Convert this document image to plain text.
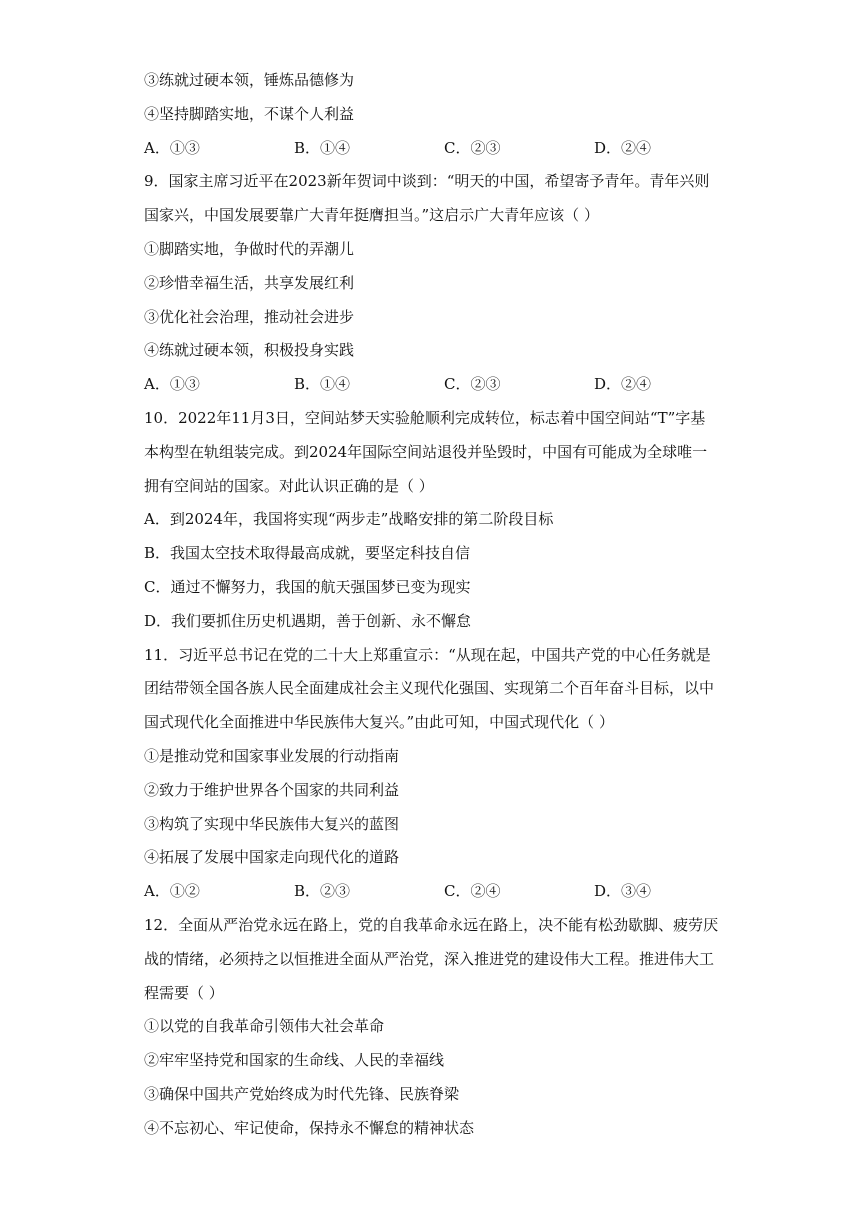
③练就过硬本领，锤炼品德修为
④坚持脚踏实地，不谋个人利益
A．①③	B．①④	C．②③	D．②④
9．国家主席习近平在2023新年贺词中谈到：“明天的中国，希望寄予青年。青年兴则
国家兴，中国发展要靠广大青年挺膺担当。”这启示广大青年应该（ ）
①脚踏实地，争做时代的弄潮儿
②珍惜幸福生活，共享发展红利
③优化社会治理，推动社会进步
④练就过硬本领，积极投身实践
A．①③	B．①④	C．②③	D．②④
10．2022年11月3日，空间站梦天实验舱顺利完成转位，标志着中国空间站“T”字基
本构型在轨组装完成。到2024年国际空间站退役并坠毁时，中国有可能成为全球唯一
拥有空间站的国家。对此认识正确的是（ ）
A．到2024年，我国将实现“两步走”战略安排的第二阶段目标
B．我国太空技术取得最高成就，要坚定科技自信
C．通过不懈努力，我国的航天强国梦已变为现实
D．我们要抓住历史机遇期，善于创新、永不懈怠
11．习近平总书记在党的二十大上郑重宣示：“从现在起，中国共产党的中心任务就是
团结带领全国各族人民全面建成社会主义现代化强国、实现第二个百年奋斗目标，以中
国式现代化全面推进中华民族伟大复兴。”由此可知，中国式现代化（ ）
①是推动党和国家事业发展的行动指南
②致力于维护世界各个国家的共同利益
③构筑了实现中华民族伟大复兴的蓝图
④拓展了发展中国家走向现代化的道路
A．①②	B．②③	C．②④	D．③④
12．全面从严治党永远在路上，党的自我革命永远在路上，决不能有松劲歇脚、疲劳厌
战的情绪，必须持之以恒推进全面从严治党，深入推进党的建设伟大工程。推进伟大工
程需要（ ）
①以党的自我革命引领伟大社会革命
②牢牢坚持党和国家的生命线、人民的幸福线
③确保中国共产党始终成为时代先锋、民族脊梁
④不忘初心、牢记使命，保持永不懈怠的精神状态
